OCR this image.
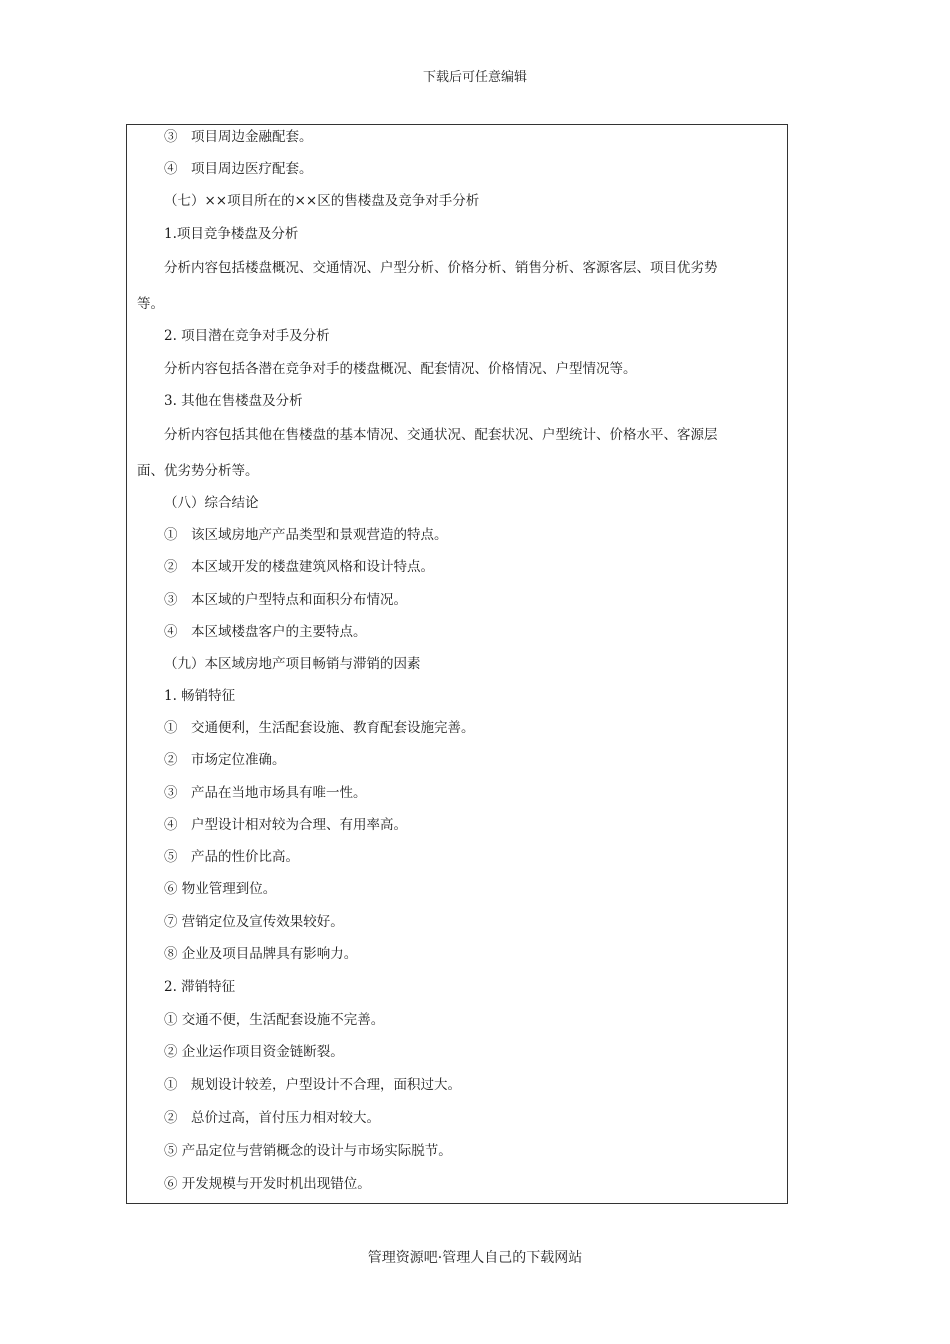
下载后可任意编辑
③　项目周边金融配套。
④　项目周边医疗配套。
（七）××项目所在的××区的售楼盘及竞争对手分析
1.项目竞争楼盘及分析
分析内容包括楼盘概况、交通情况、户型分析、价格分析、销售分析、客源客层、项目优劣势
等。
2. 项目潜在竞争对手及分析
分析内容包括各潜在竞争对手的楼盘概况、配套情况、价格情况、户型情况等。
3. 其他在售楼盘及分析
分析内容包括其他在售楼盘的基本情况、交通状况、配套状况、户型统计、价格水平、客源层
面、优劣势分析等。
（八）综合结论
①　该区域房地产产品类型和景观营造的特点。
②　本区域开发的楼盘建筑风格和设计特点。
③　本区域的户型特点和面积分布情况。
④　本区域楼盘客户的主要特点。
（九）本区域房地产项目畅销与滞销的因素
1. 畅销特征
①　交通便利，生活配套设施、教育配套设施完善。
②　市场定位准确。
③　产品在当地市场具有唯一性。
④　户型设计相对较为合理、有用率高。
⑤　产品的性价比高。
⑥ 物业管理到位。
⑦ 营销定位及宣传效果较好。
⑧ 企业及项目品牌具有影响力。
2. 滞销特征
① 交通不便，生活配套设施不完善。
② 企业运作项目资金链断裂。
①　规划设计较差，户型设计不合理，面积过大。
②　总价过高，首付压力相对较大。
⑤ 产品定位与营销概念的设计与市场实际脱节。
⑥ 开发规模与开发时机出现错位。
管理资源吧·管理人自己的下载网站
